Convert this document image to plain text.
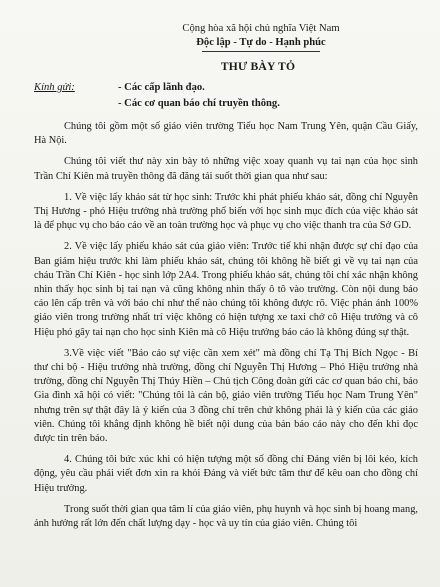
Cộng hòa xã hội chủ nghĩa Việt Nam
Độc lập - Tự do - Hạnh phúc
THƯ BÀY TỎ
Kính gửi:	- Các cấp lãnh đạo.
- Các cơ quan báo chí truyền thông.

Chúng tôi gồm một số giáo viên trường Tiểu học Nam Trung Yên, quận Cầu Giấy, Hà Nội.

Chúng tôi viết thư này xin bày tỏ những việc xoay quanh vụ tai nạn của học sinh Trần Chí Kiên mà truyền thông đã đăng tải suốt thời gian qua như sau:

1. Về việc lấy khảo sát từ học sinh: Trước khi phát phiếu khảo sát, đồng chí Nguyễn Thị Hương - phó Hiệu trưởng nhà trường phổ biến với học sinh mục đích của việc khảo sát là để phục vụ cho báo cáo về an toàn trường học và phục vụ cho việc thanh tra của Sở GD.

2. Về việc lấy phiếu khảo sát của giáo viên: Trước tiế khi nhận được sự chỉ đạo của Ban giám hiệu trước khi làm phiếu khảo sát, chúng tôi không hề biết gì về vụ tai nạn của cháu Trần Chí Kiên - học sinh lớp 2A4. Trong phiếu khảo sát, chúng tôi chỉ xác nhận không nhìn thấy học sinh bị tai nạn và cũng không nhìn thấy ô tô vào trường. Còn nội dung báo cáo lên cấp trên và với báo chí như thế nào chúng tôi không được rõ. Việc phản ánh 100% giáo viên trong trường nhất trí việc không có hiện tượng xe taxi chở cô Hiệu trưởng và cô Hiệu phó gây tai nạn cho học sinh Kiên mà cô Hiệu trưởng báo cáo là không đúng sự thật.

3.Về việc viết "Báo cáo sự việc cần xem xét" mà đồng chí Tạ Thị Bích Ngọc - Bí thư chi bộ - Hiệu trưởng nhà trường, đồng chí Nguyễn Thị Hương – Phó Hiệu trưởng nhà trường, đồng chí Nguyễn Thị Thúy Hiền – Chủ tịch Công đoàn gửi các cơ quan báo chí, báo Gia đình xã hội có viết: "Chúng tôi là cán bộ, giáo viên trường Tiểu học Nam Trung Yên" nhưng trên sự thật đây là ý kiến của 3 đồng chí trên chứ không phải là ý kiến của các giáo viên. Chúng tôi khẳng định không hề biết nội dung của bản báo cáo này cho đến khi đọc được tin trên báo.

4. Chúng tôi bức xúc khi có hiện tượng một số đồng chí Đảng viên bị lôi kéo, kích động, yêu cầu phải viết đơn xin ra khỏi Đảng và viết bức tâm thư để kêu oan cho đồng chí Hiệu trưởng.

Trong suốt thời gian qua tâm lí của giáo viên, phụ huynh và học sinh bị hoang mang, ảnh hưởng rất lớn đến chất lượng dạy - học và uy tín của giáo viên. Chúng tôi
